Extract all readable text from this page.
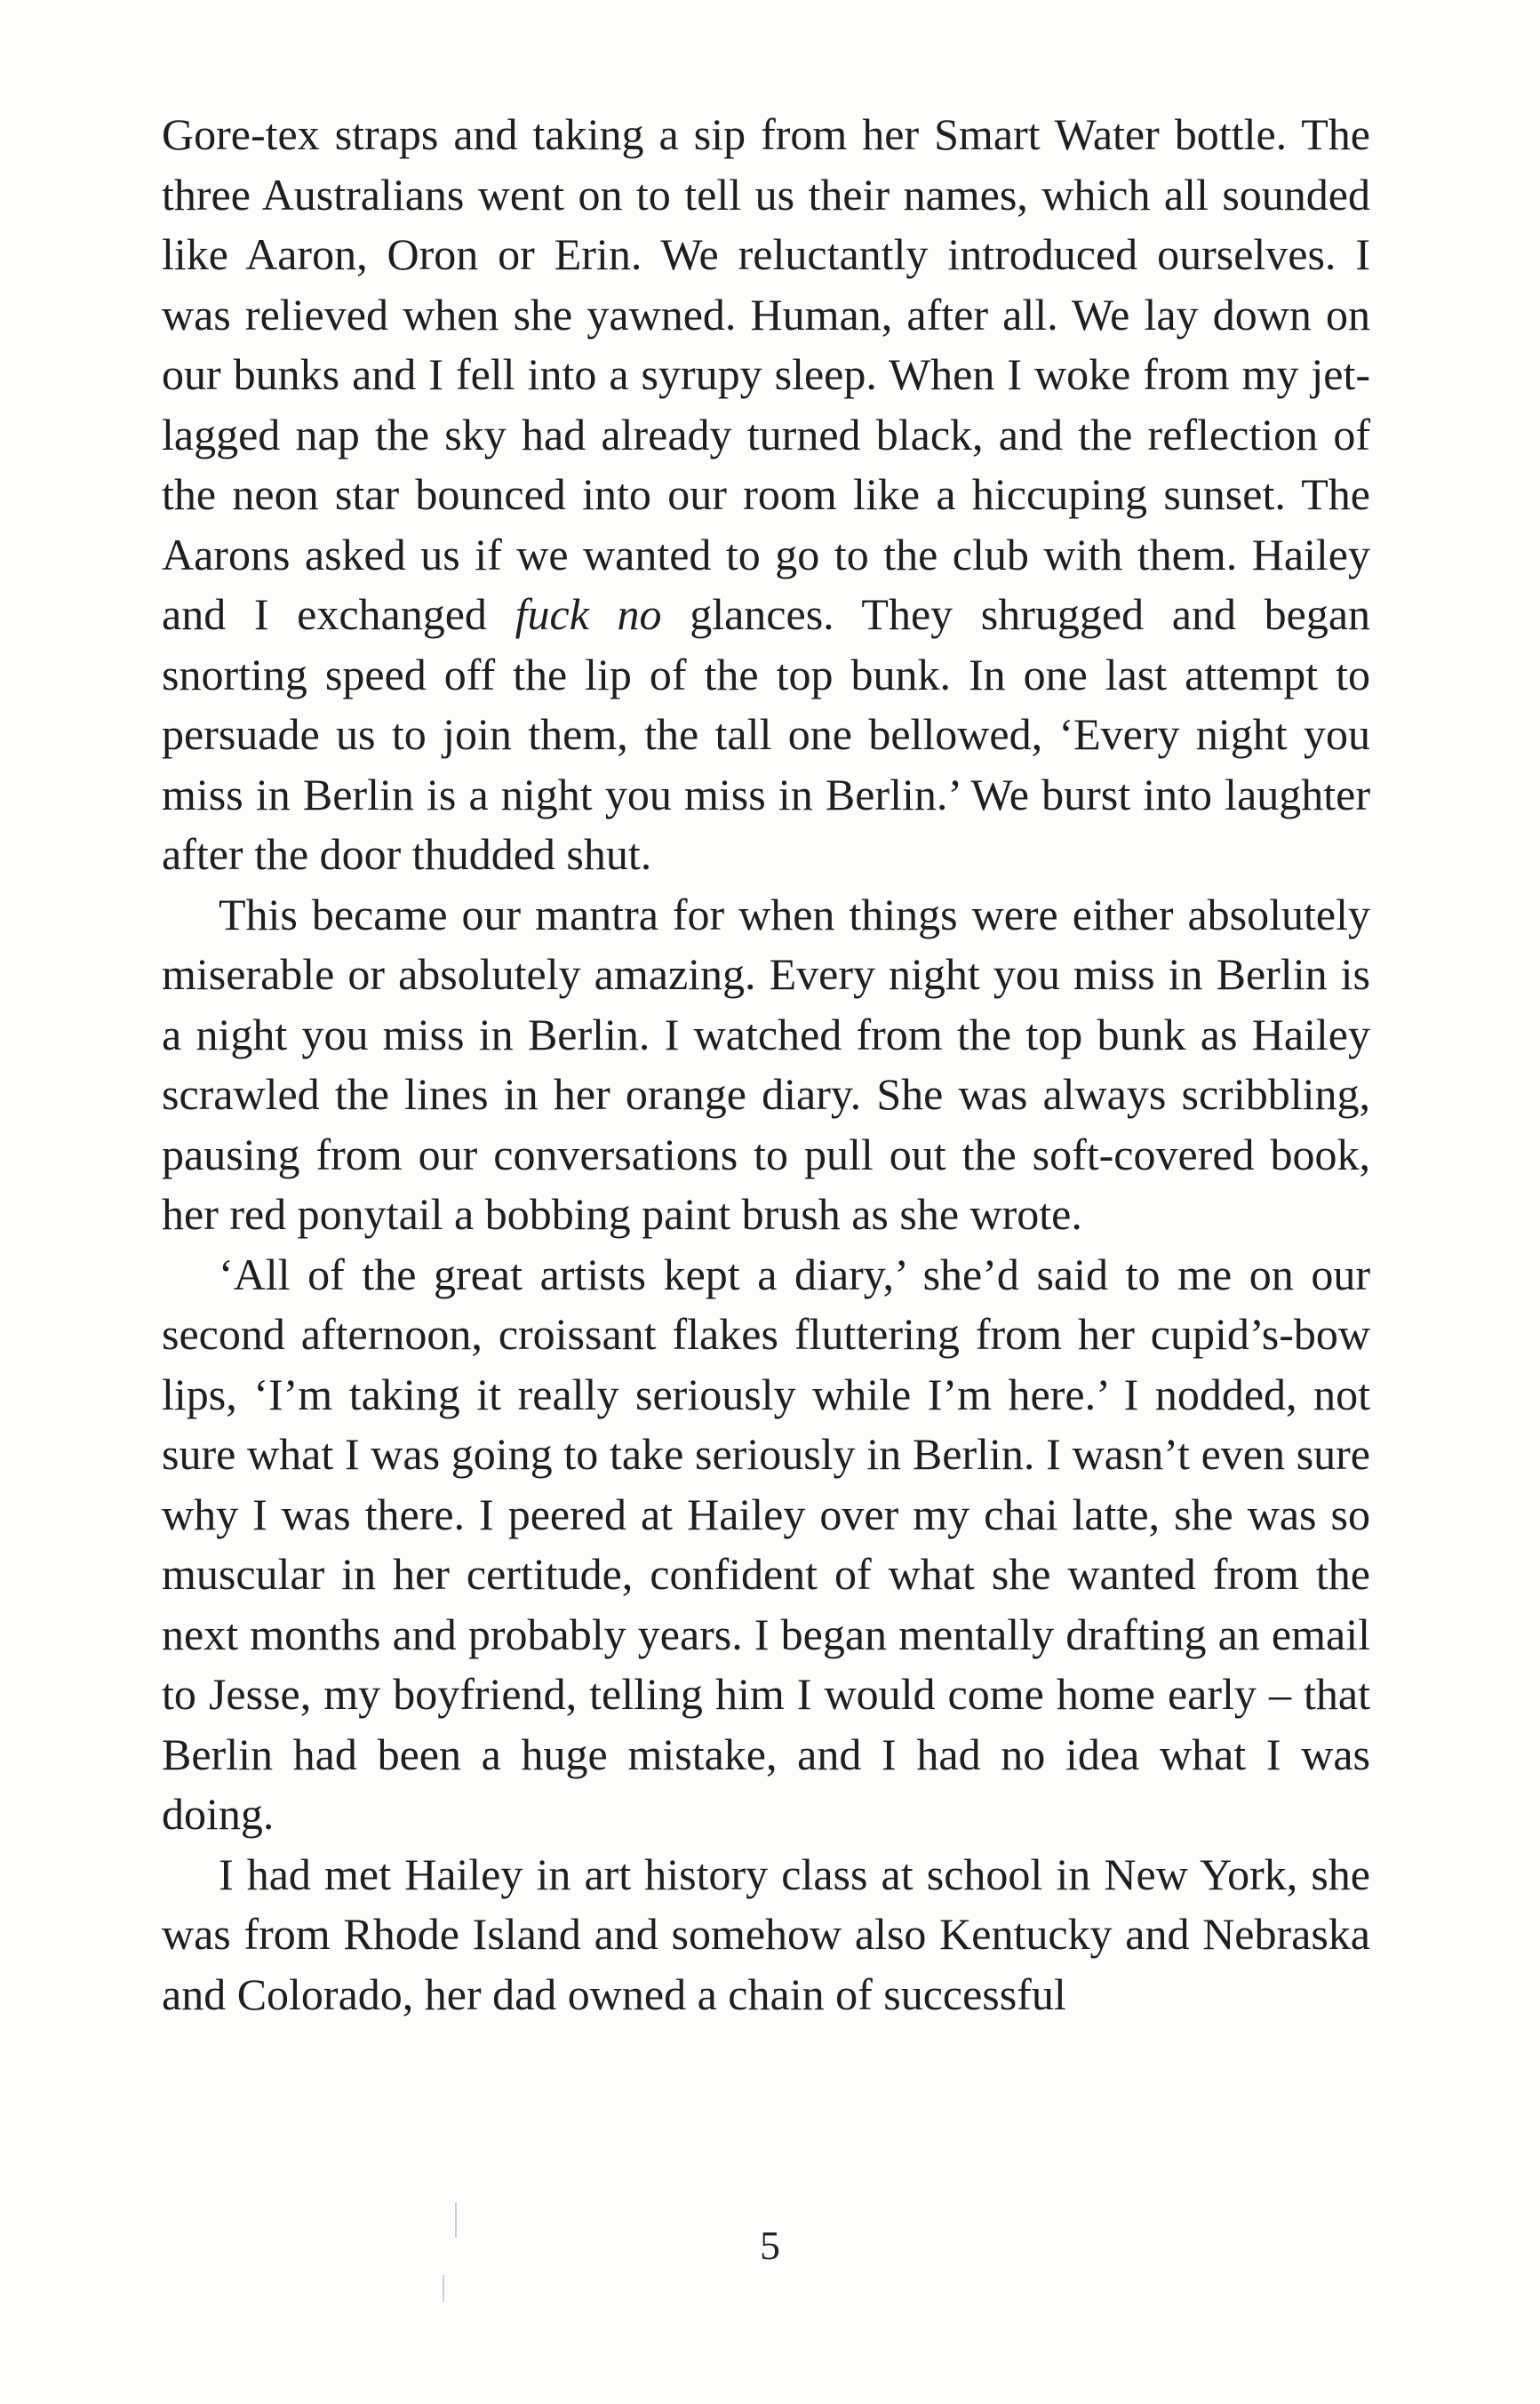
Gore-tex straps and taking a sip from her Smart Water bottle. The three Australians went on to tell us their names, which all sounded like Aaron, Oron or Erin. We reluctantly introduced ourselves. I was relieved when she yawned. Human, after all. We lay down on our bunks and I fell into a syrupy sleep. When I woke from my jet-lagged nap the sky had already turned black, and the reflection of the neon star bounced into our room like a hiccuping sunset. The Aarons asked us if we wanted to go to the club with them. Hailey and I exchanged fuck no glances. They shrugged and began snorting speed off the lip of the top bunk. In one last attempt to persuade us to join them, the tall one bellowed, ‘Every night you miss in Berlin is a night you miss in Berlin.’ We burst into laughter after the door thudded shut.

This became our mantra for when things were either absolutely miserable or absolutely amazing. Every night you miss in Berlin is a night you miss in Berlin. I watched from the top bunk as Hailey scrawled the lines in her orange diary. She was always scribbling, pausing from our conversations to pull out the soft-covered book, her red ponytail a bobbing paint brush as she wrote.

‘All of the great artists kept a diary,’ she’d said to me on our second afternoon, croissant flakes fluttering from her cupid’s-bow lips, ‘I’m taking it really seriously while I’m here.’ I nodded, not sure what I was going to take seriously in Berlin. I wasn’t even sure why I was there. I peered at Hailey over my chai latte, she was so muscular in her certitude, confident of what she wanted from the next months and probably years. I began mentally drafting an email to Jesse, my boyfriend, telling him I would come home early – that Berlin had been a huge mistake, and I had no idea what I was doing.

I had met Hailey in art history class at school in New York, she was from Rhode Island and somehow also Kentucky and Nebraska and Colorado, her dad owned a chain of successful

5
